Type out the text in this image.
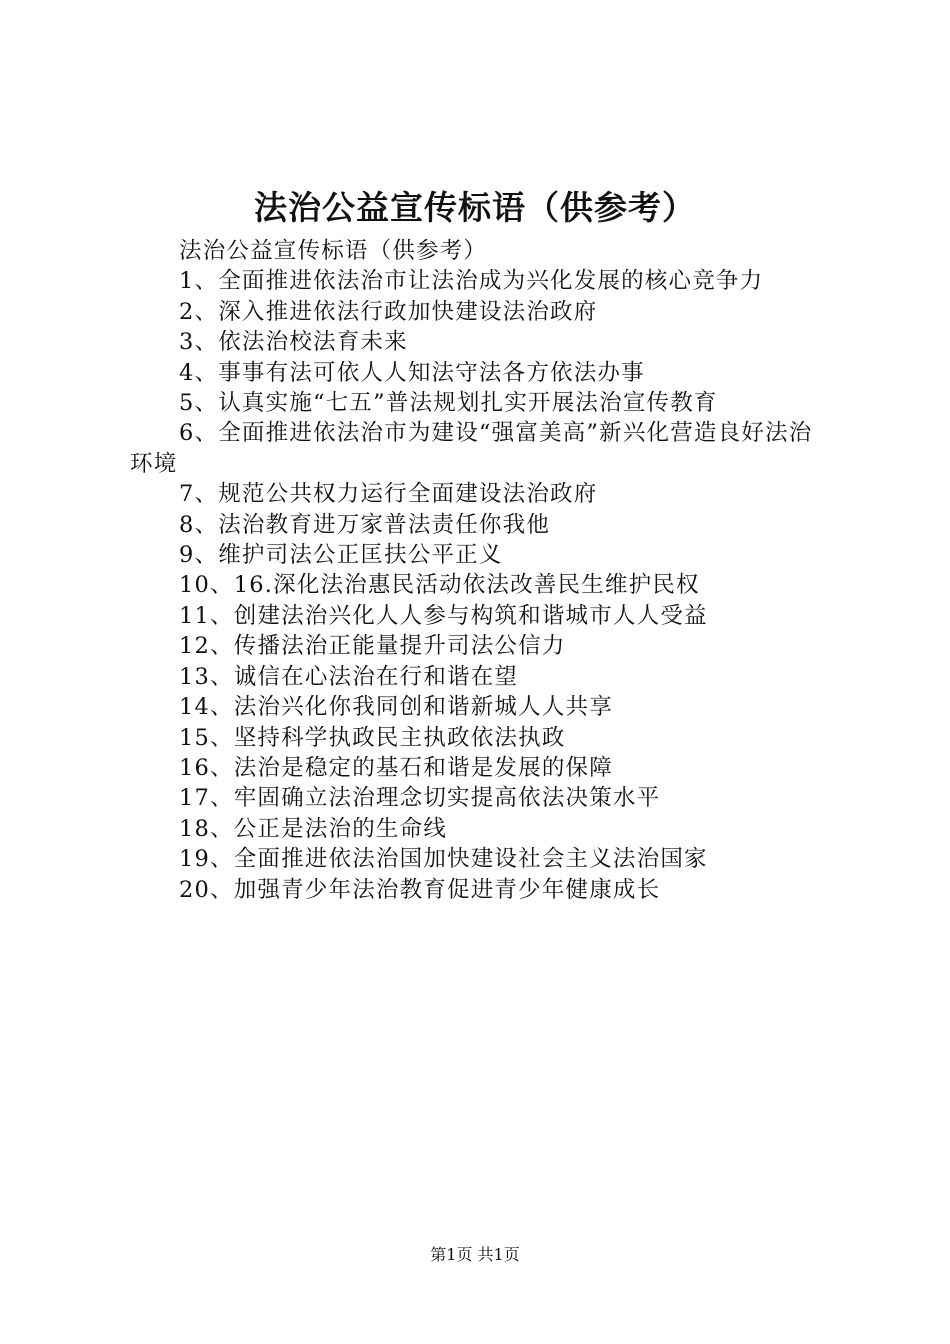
法治公益宣传标语（供参考）

法治公益宣传标语（供参考）

1、全面推进依法治市让法治成为兴化发展的核心竞争力

2、深入推进依法行政加快建设法治政府

3、依法治校法育未来

4、事事有法可依人人知法守法各方依法办事

5、认真实施“七五”普法规划扎实开展法治宣传教育

6、全面推进依法治市为建设“强富美高”新兴化营造良好法治环境

7、规范公共权力运行全面建设法治政府

8、法治教育进万家普法责任你我他

9、维护司法公正匡扶公平正义

10、16.深化法治惠民活动依法改善民生维护民权

11、创建法治兴化人人参与构筑和谐城市人人受益

12、传播法治正能量提升司法公信力

13、诚信在心法治在行和谐在望

14、法治兴化你我同创和谐新城人人共享

15、坚持科学执政民主执政依法执政

16、法治是稳定的基石和谐是发展的保障

17、牢固确立法治理念切实提高依法决策水平

18、公正是法治的生命线

19、全面推进依法治国加快建设社会主义法治国家

20、加强青少年法治教育促进青少年健康成长

第1页 共1页
